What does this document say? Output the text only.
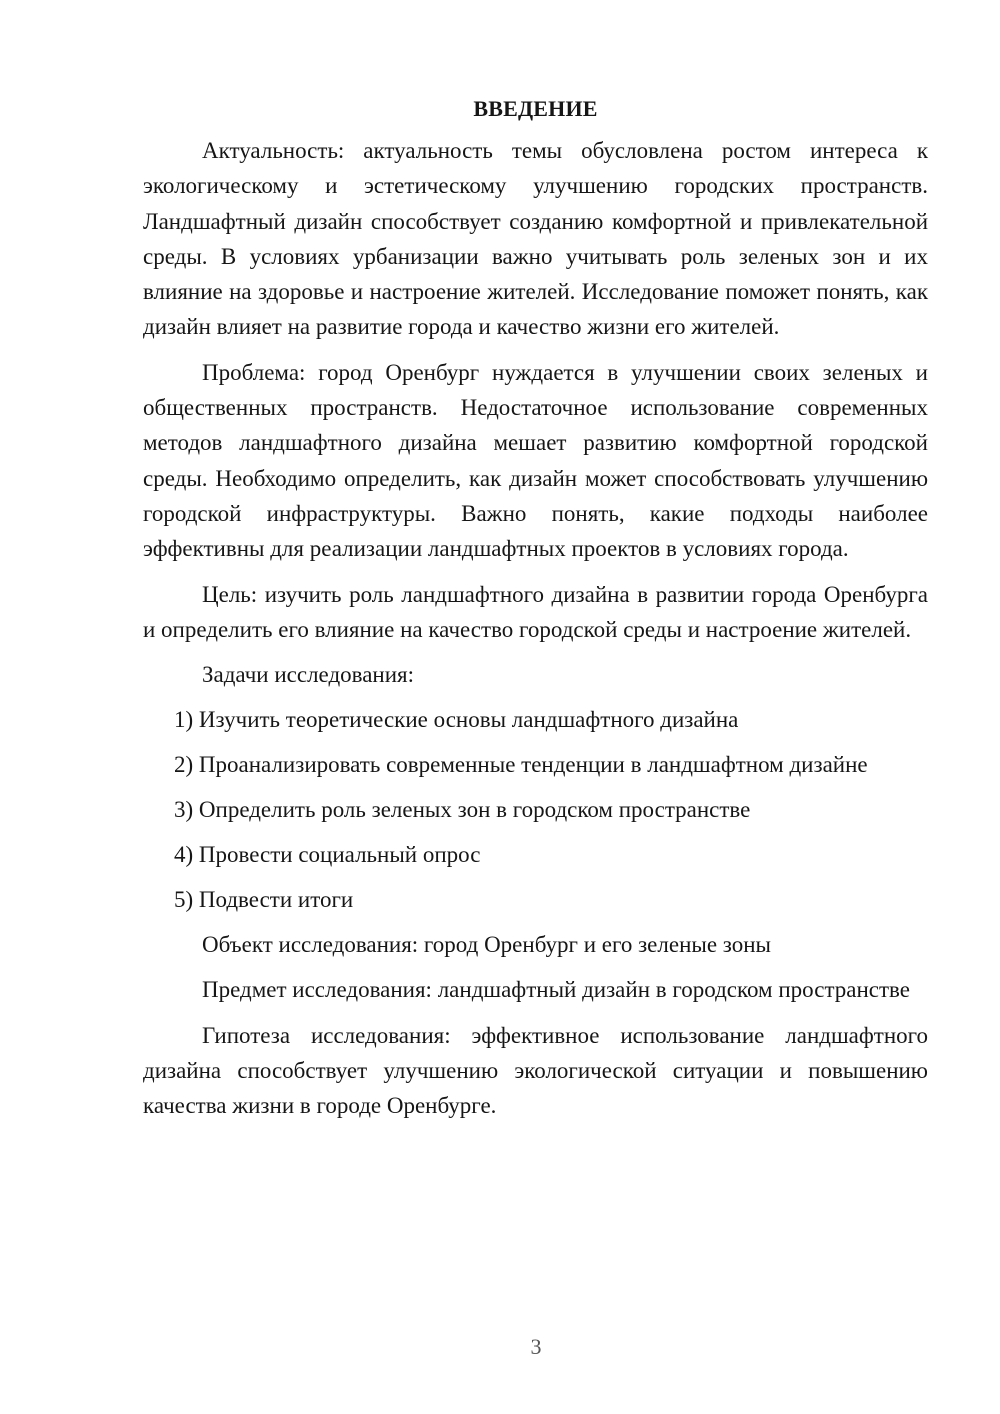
ВВЕДЕНИЕ

Актуальность: актуальность темы обусловлена ростом интереса к экологическому и эстетическому улучшению городских пространств. Ландшафтный дизайн способствует созданию комфортной и привлекательной среды. В условиях урбанизации важно учитывать роль зеленых зон и их влияние на здоровье и настроение жителей. Исследование поможет понять, как дизайн влияет на развитие города и качество жизни его жителей.

Проблема: город Оренбург нуждается в улучшении своих зеленых и общественных пространств. Недостаточное использование современных методов ландшафтного дизайна мешает развитию комфортной городской среды. Необходимо определить, как дизайн может способствовать улучшению городской инфраструктуры. Важно понять, какие подходы наиболее эффективны для реализации ландшафтных проектов в условиях города.

Цель: изучить роль ландшафтного дизайна в развитии города Оренбурга и определить его влияние на качество городской среды и настроение жителей.

Задачи исследования:

1) Изучить теоретические основы ландшафтного дизайна
2) Проанализировать современные тенденции в ландшафтном дизайне
3) Определить роль зеленых зон в городском пространстве
4) Провести социальный опрос
5) Подвести итоги

Объект исследования: город Оренбург и его зеленые зоны

Предмет исследования: ландшафтный дизайн в городском пространстве

Гипотеза исследования: эффективное использование ландшафтного дизайна способствует улучшению экологической ситуации и повышению качества жизни в городе Оренбурге.

3
